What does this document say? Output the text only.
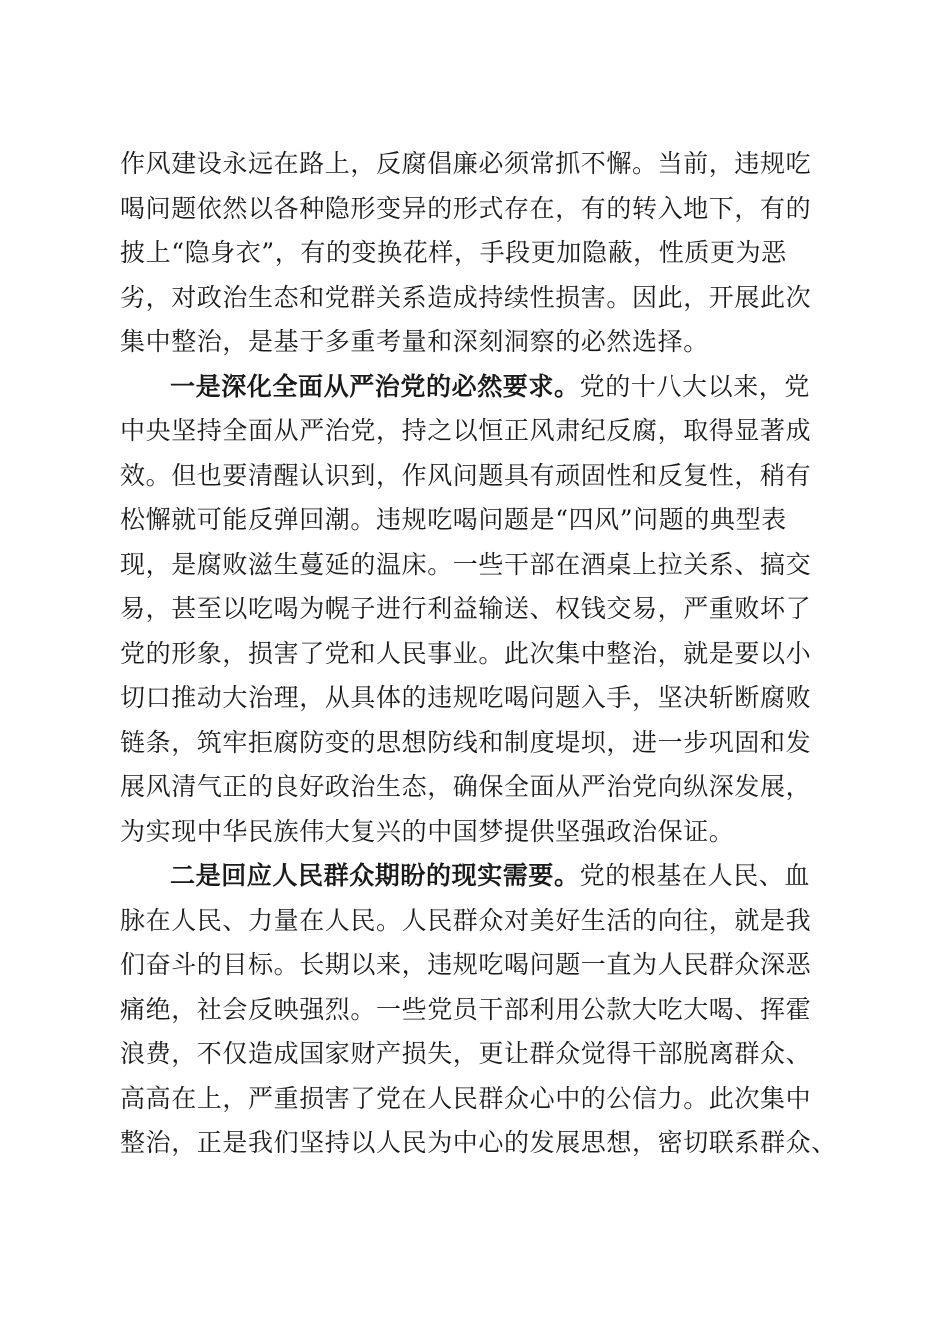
作风建设永远在路上，反腐倡廉必须常抓不懈。当前，违规吃
喝问题依然以各种隐形变异的形式存在，有的转入地下，有的
披上“隐身衣”，有的变换花样，手段更加隐蔽，性质更为恶
劣，对政治生态和党群关系造成持续性损害。因此，开展此次
集中整治，是基于多重考量和深刻洞察的必然选择。
一是深化全面从严治党的必然要求。党的十八大以来，党
中央坚持全面从严治党，持之以恒正风肃纪反腐，取得显著成
效。但也要清醒认识到，作风问题具有顽固性和反复性，稍有
松懈就可能反弹回潮。违规吃喝问题是“四风”问题的典型表
现，是腐败滋生蔓延的温床。一些干部在酒桌上拉关系、搞交
易，甚至以吃喝为幌子进行利益输送、权钱交易，严重败坏了
党的形象，损害了党和人民事业。此次集中整治，就是要以小
切口推动大治理，从具体的违规吃喝问题入手，坚决斩断腐败
链条，筑牢拒腐防变的思想防线和制度堤坝，进一步巩固和发
展风清气正的良好政治生态，确保全面从严治党向纵深发展，
为实现中华民族伟大复兴的中国梦提供坚强政治保证。
二是回应人民群众期盼的现实需要。党的根基在人民、血
脉在人民、力量在人民。人民群众对美好生活的向往，就是我
们奋斗的目标。长期以来，违规吃喝问题一直为人民群众深恶
痛绝，社会反映强烈。一些党员干部利用公款大吃大喝、挥霍
浪费，不仅造成国家财产损失，更让群众觉得干部脱离群众、
高高在上，严重损害了党在人民群众心中的公信力。此次集中
整治，正是我们坚持以人民为中心的发展思想，密切联系群众、
